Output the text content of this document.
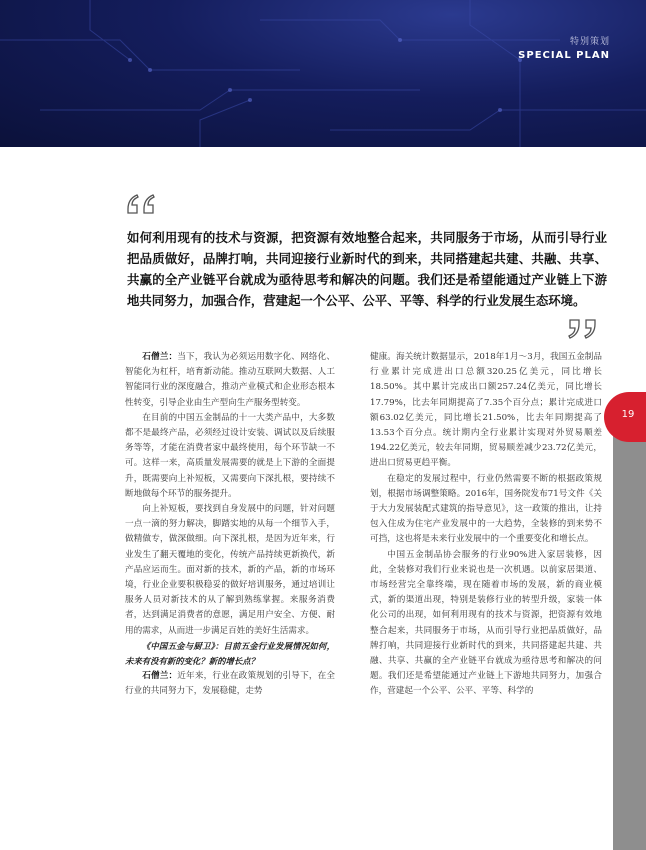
特别策划
SPECIAL PLAN
如何利用现有的技术与资源，把资源有效地整合起来，共同服务于市场，从而引导行业把品质做好，品牌打响，共同迎接行业新时代的到来，共同搭建起共建、共融、共享、共赢的全产业链平台就成为亟待思考和解决的问题。我们还是希望能通过产业链上下游地共同努力，加强合作，营建起一个公平、公平、平等、科学的行业发展生态环境。

石僧兰：当下，我认为必须运用数字化、网络化、智能化为杠杆，培育新动能。推动互联网大数据、人工智能同行业的深度融合，推动产业模式和企业形态根本性转变，引导企业由生产型向生产服务型转变。

在目前的中国五金制品的十一大类产品中，大多数都不是最终产品，必须经过设计安装、调试以及后续服务等等，才能在消费者家中最终使用，每个环节缺一不可。这样一来，高质量发展需要的就是上下游的全面提升，既需要向上补短板，又需要向下深扎根，要持续不断地做每个环节的服务提升。

向上补短板，要找到自身发展中的问题，针对问题一点一滴的努力解决，脚踏实地的从每一个细节入手，做精做专，做深做细。向下深扎根，是因为近年来，行业发生了翻天覆地的变化，传统产品持续更新换代，新产品应运而生。面对新的技术，新的产品，新的市场环境，行业企业要积极稳妥的做好培训服务，通过培训让服务人员对新技术的从了解到熟练掌握。来服务消费者，达到满足消费者的意愿，满足用户安全、方便、耐用的需求，从而进一步满足百姓的美好生活需求。

《中国五金与厨卫》：目前五金行业发展情况如何，未来有没有新的变化？新的增长点？

石僧兰：近年来，行业在政策规划的引导下，在全行业的共同努力下，发展稳健，走势

健康。海关统计数据显示，2018年1月～3月，我国五金制品行业累计完成进出口总额320.25亿美元，同比增长18.50%。其中累计完成出口额257.24亿美元，同比增长17.79%，比去年同期提高了7.35个百分点；累计完成进口额63.02亿美元，同比增长21.50%，比去年同期提高了13.53个百分点。统计期内全行业累计实现对外贸易顺差194.22亿美元，较去年同期，贸易顺差减少23.72亿美元，进出口贸易更趋平衡。

在稳定的发展过程中，行业仍然需要不断的根据政策规划，根据市场调整策略。2016年，国务院发布71号文件《关于大力发展装配式建筑的指导意见》，这一政策的推出，让持包入住成为住宅产业发展中的一大趋势，全装修的到来势不可挡，这也将是未来行业发展中的一个重要变化和增长点。

中国五金制品协会服务的行业90%进入家居装修，因此，全装修对我们行业来说也是一次机遇。以前家居渠道、市场经营完全靠终端，现在随着市场的发展，新的商业模式，新的渠道出现，特别是装修行业的转型升级，家装一体化公司的出现，如何利用现有的技术与资源，把资源有效地整合起来，共同服务于市场，从而引导行业把品质做好，品牌打响，共同迎接行业新时代的到来，共同搭建起共建、共融、共享、共赢的全产业链平台就成为亟待思考和解决的问题。我们还是希望能通过产业链上下游地共同努力，加强合作，营建起一个公平、公平、平等、科学的

19
